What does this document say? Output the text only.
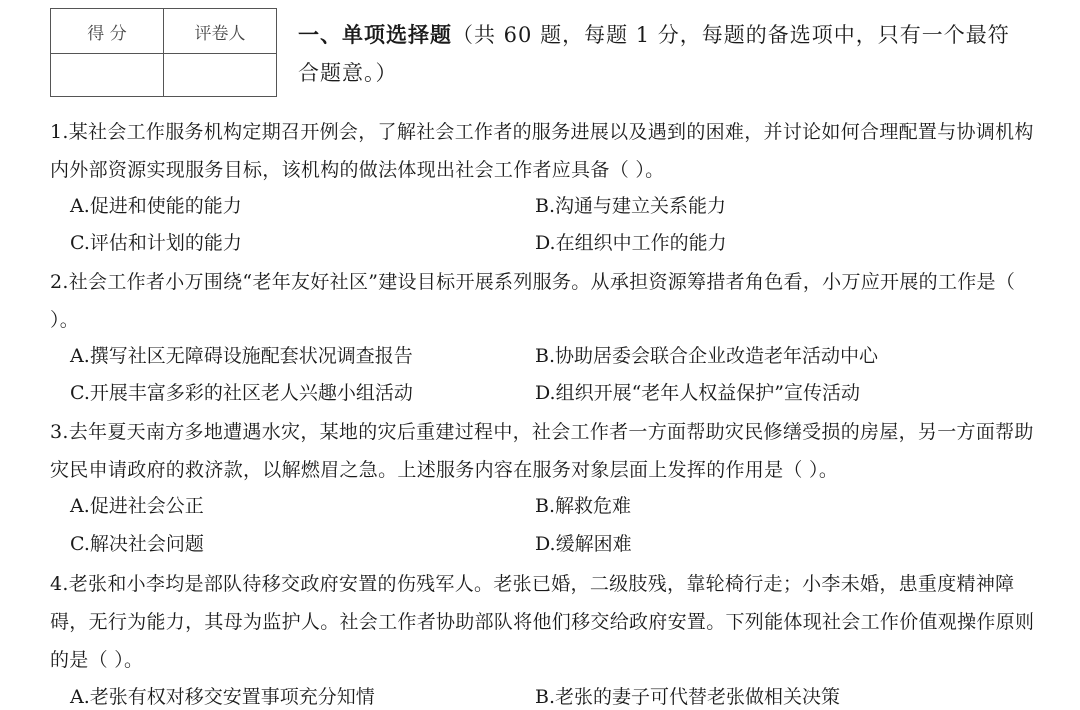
得 分	评卷人
		一、单项选择题（共 60 题，每题 1 分，每题的备选项中，只有一个最符合题意。）
1.某社会工作服务机构定期召开例会，了解社会工作者的服务进展以及遇到的困难，并讨论如何合理配置与协调机构内外部资源实现服务目标，该机构的做法体现出社会工作者应具备（ ）。
A.促进和使能的能力	B.沟通与建立关系能力
C.评估和计划的能力	D.在组织中工作的能力
2.社会工作者小万围绕“老年友好社区”建设目标开展系列服务。从承担资源筹措者角色看，小万应开展的工作是（ ）。
A.撰写社区无障碍设施配套状况调查报告	B.协助居委会联合企业改造老年活动中心
C.开展丰富多彩的社区老人兴趣小组活动	D.组织开展“老年人权益保护”宣传活动
3.去年夏天南方多地遭遇水灾，某地的灾后重建过程中，社会工作者一方面帮助灾民修缮受损的房屋，另一方面帮助灾民申请政府的救济款，以解燃眉之急。上述服务内容在服务对象层面上发挥的作用是（ ）。
A.促进社会公正	B.解救危难
C.解决社会问题	D.缓解困难
4.老张和小李均是部队待移交政府安置的伤残军人。老张已婚，二级肢残，靠轮椅行走；小李未婚，患重度精神障碍，无行为能力，其母为监护人。社会工作者协助部队将他们移交给政府安置。下列能体现社会工作价值观操作原则的是（ ）。
A.老张有权对移交安置事项充分知情	B.老张的妻子可代替老张做相关决策
